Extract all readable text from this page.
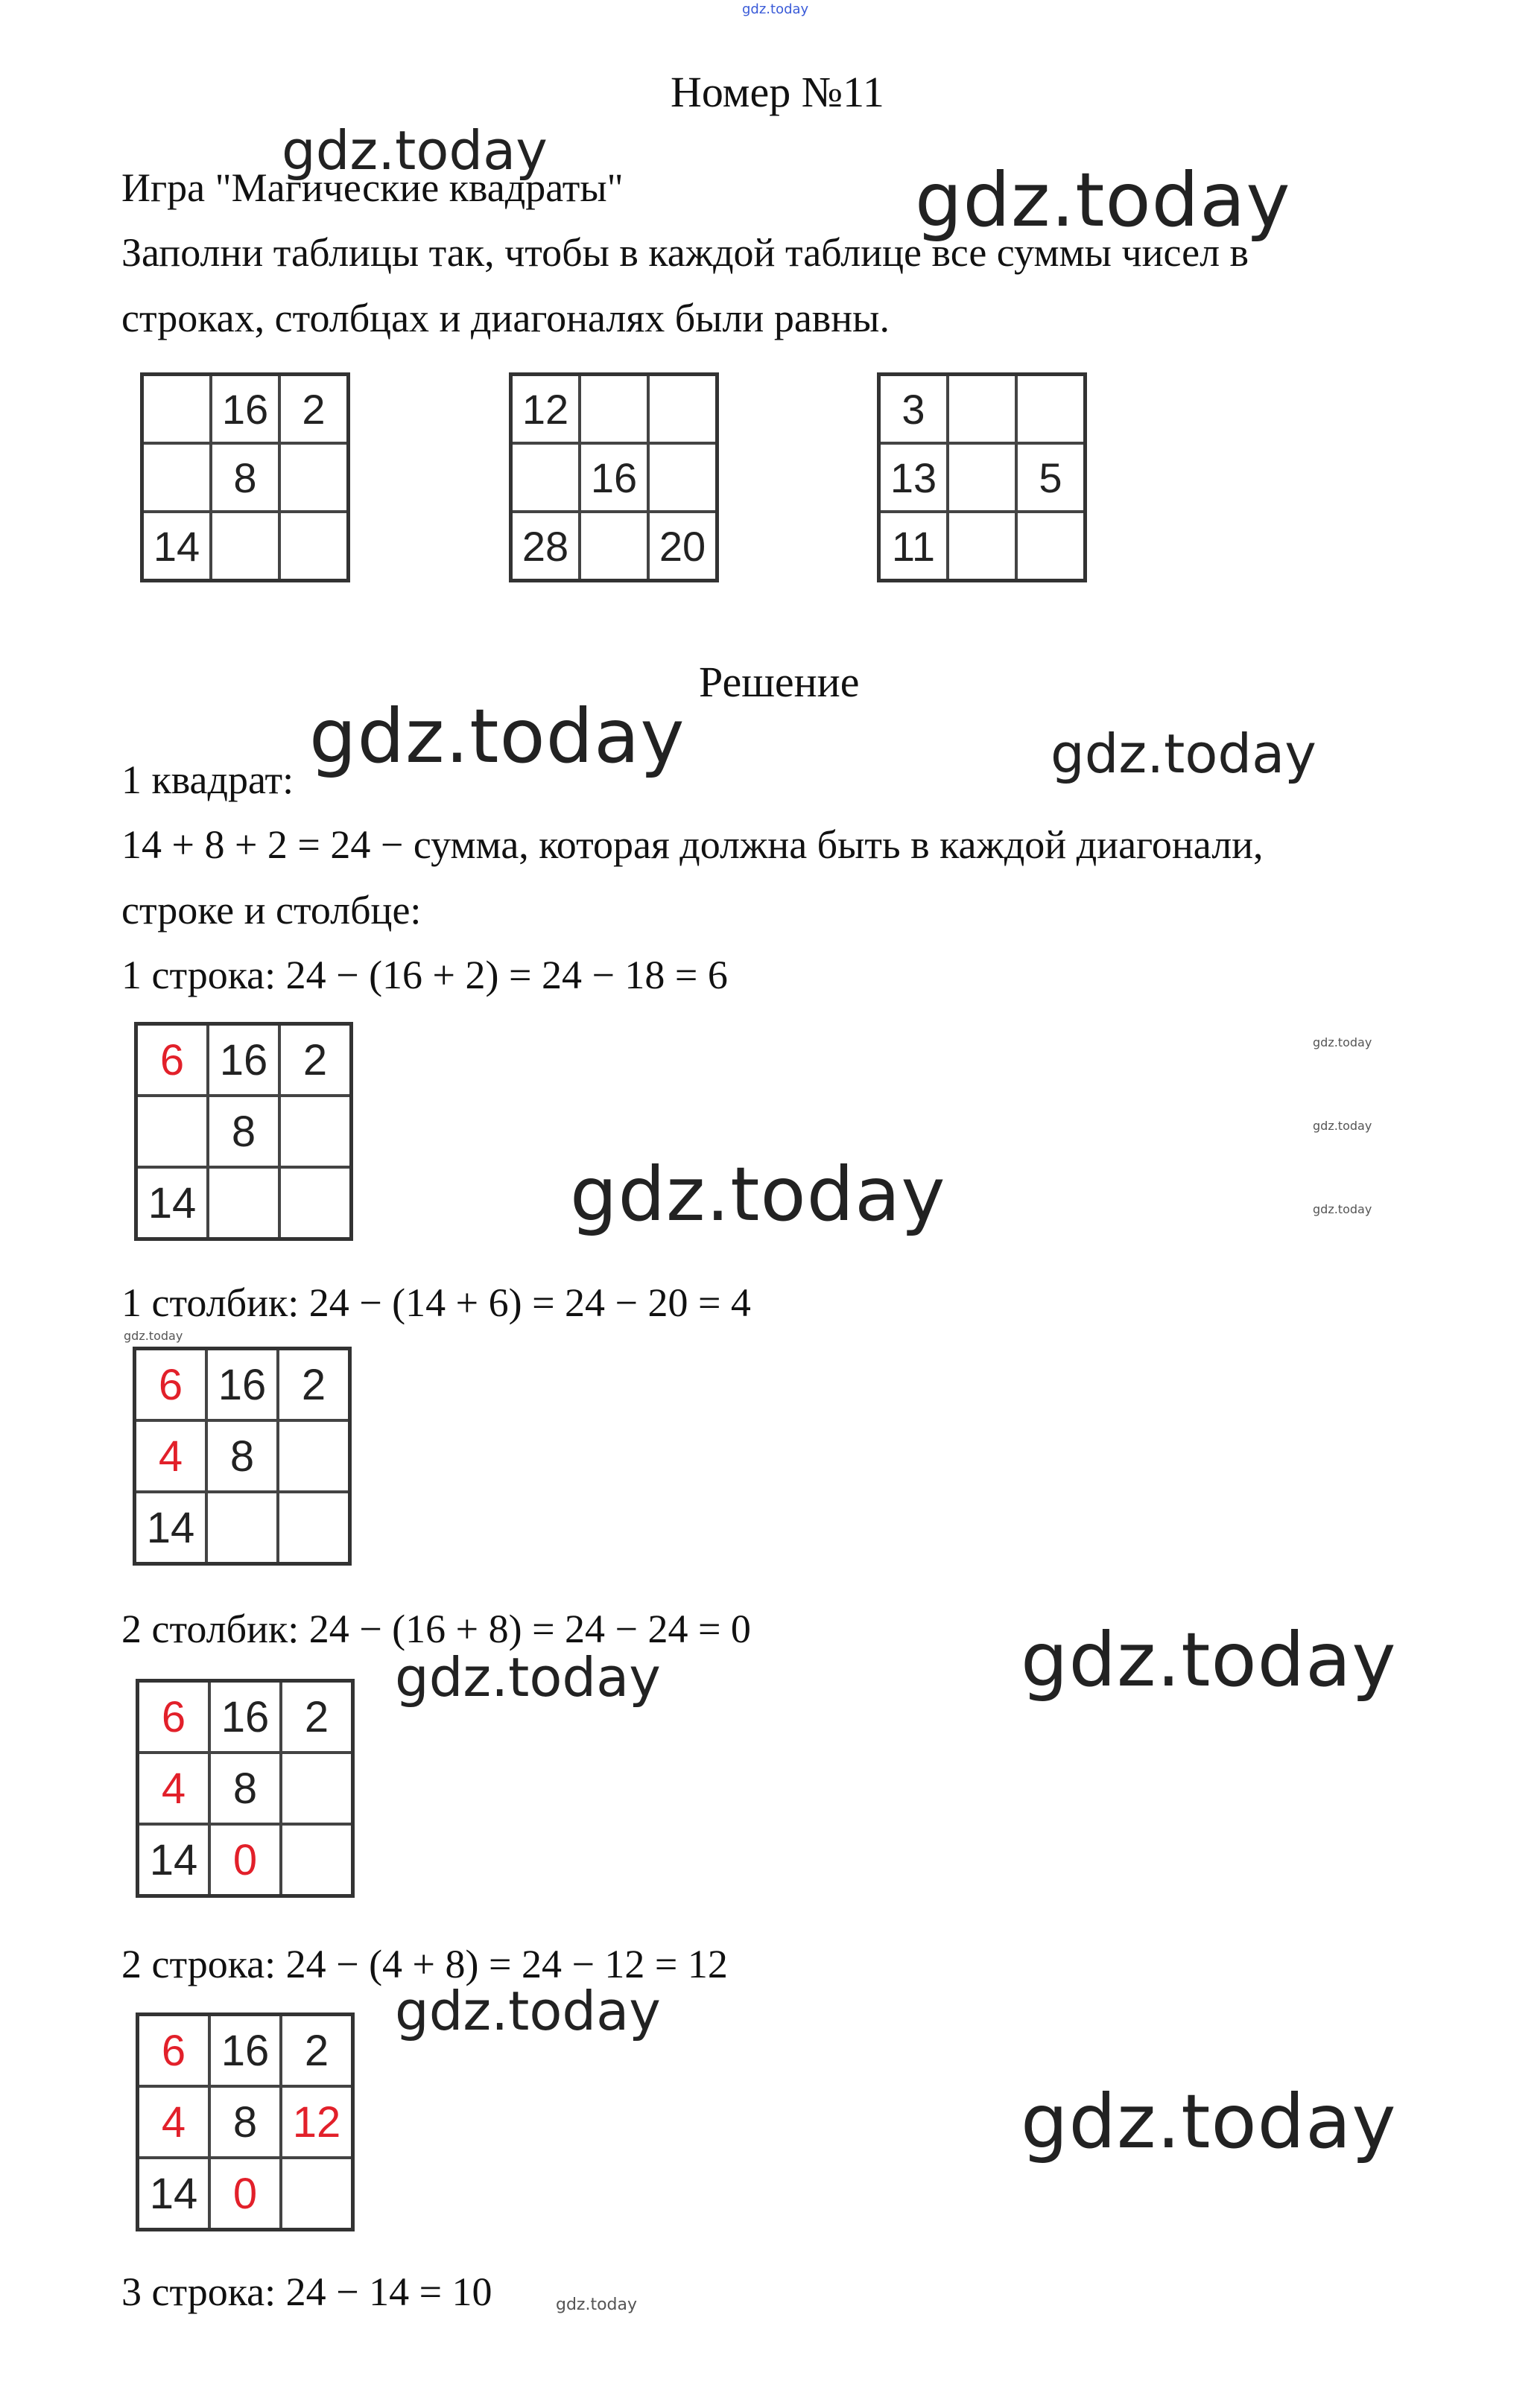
gdz.today
Номер №11
Игра "Магические квадраты"
Заполни таблицы так, чтобы в каждой таблице все суммы чисел в
строках, столбцах и диагоналях были равны.
	16	2
	8	
14		
12		
	16	
28		20
3		
13		5
11		
Решение
1 квадрат:
14 + 8 + 2 = 24 − сумма, которая должна быть в каждой диагонали,
строке и столбце:
1 строка: 24 − (16 + 2) = 24 − 18 = 6
6	16	2
	8	
14		
1 столбик: 24 − (14 + 6) = 24 − 20 = 4
6	16	2
4	8	
14		
2 столбик: 24 − (16 + 8) = 24 − 24 = 0
6	16	2
4	8	
14	0	
2 строка: 24 − (4 + 8) = 24 − 12 = 12
6	16	2
4	8	12
14	0	
3 строка: 24 − 14 = 10
gdz.today
gdz.today
gdz.today	gdz.today
gdz.today
gdz.today
gdz.today
gdz.today
gdz.today
gdz.today	gdz.today
gdz.today
gdz.today
gdz.today
